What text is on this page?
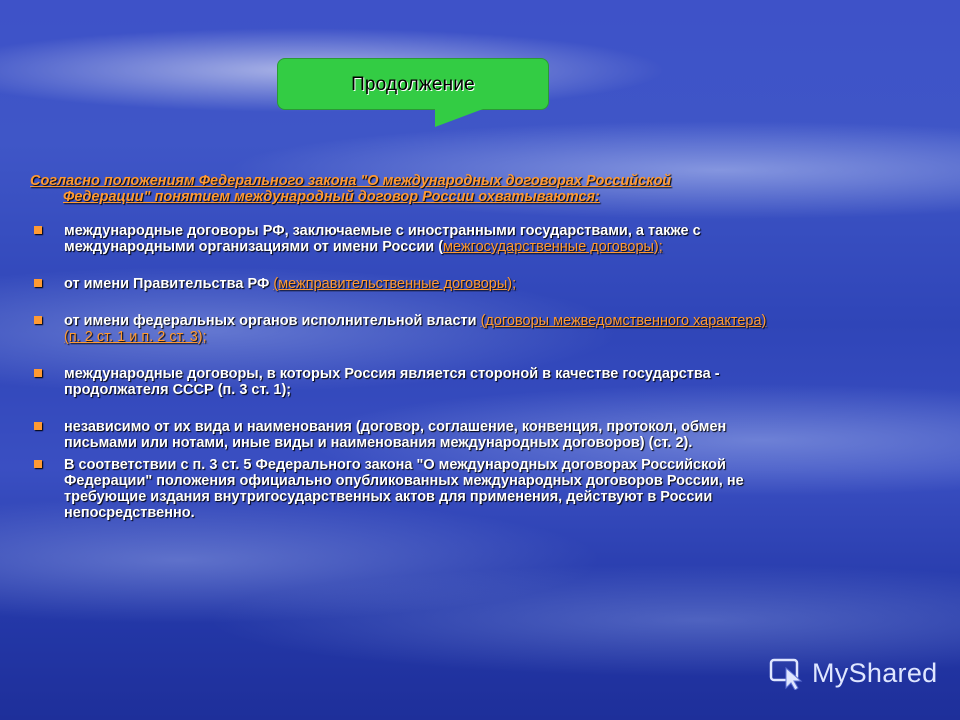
Продолжение

Согласно положениям Федерального закона "О международных договорах Российской
Федерации" понятием международный договор России охватываются:

международные договоры РФ, заключаемые с иностранными государствами, а также с международными организациями от имени России (межгосударственные договоры);
от имени Правительства РФ (межправительственные договоры);
от имени федеральных органов исполнительной власти (договоры межведомственного характера) (п. 2 ст. 1 и п. 2 ст. 3);
международные договоры, в которых Россия является стороной в качестве государства - продолжателя СССР (п. 3 ст. 1);
независимо от их вида и наименования (договор, соглашение, конвенция, протокол, обмен письмами или нотами, иные виды и наименования международных договоров) (ст. 2).
В соответствии с п. 3 ст. 5 Федерального закона "О международных договорах Российской Федерации" положения официально опубликованных международных договоров России, не требующие издания внутригосударственных актов для применения, действуют в России непосредственно.
MyShared
